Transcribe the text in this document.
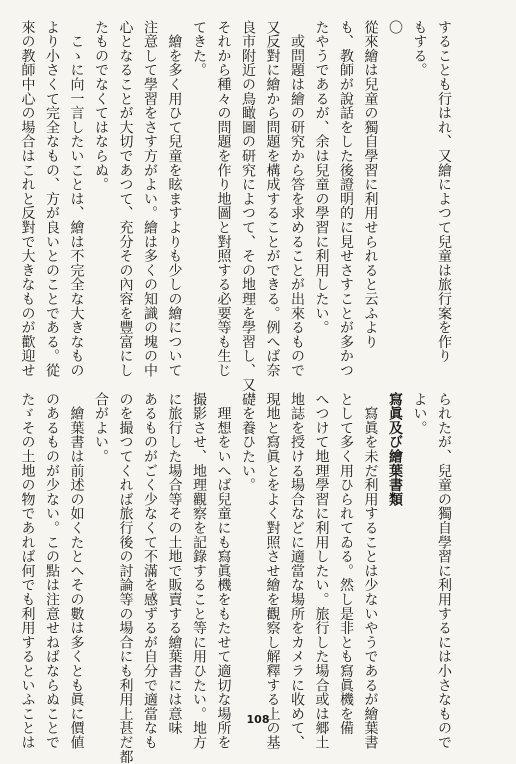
することも行はれ、又繪によつて兒童は旅行案を作り

もする。

〇

從來繪は兒童の獨自學習に利用せられると云ふより

も、教師が說話をした後證明的に見せさすことが多かつ

たやうであるが、余は兒童の學習に利用したい。

　或問題は繪の研究から答を求めることが出來るもので

又反對に繪から問題を構成することができる。例へば奈

良市附近の鳥瞰圖の研究によつて、その地理を學習し、又

それから種々の問題を作り地圖と對照する必要等も生じ

てきた。

　繪を多く用ひて兒童を眩ますよりも少しの繪について

注意して學習をさす方がよい。繪は多くの知識の塊の中

心となることが大切であつて、充分その內容を豐富にし

たものでなくてはならぬ。

　こゝに向一言したいことは、繪は不完全な大きなもの

より小さくて完全なもの、方が良いとのことである。從

來の教師中心の場合はこれと反對で大きなものが歡迎せ

られたが、兒童の獨自學習に利用するには小さなもので

よい。

寫眞及び繪葉書類

　寫眞を未だ利用することは少ないやうであるが繪葉書

として多く用ひられてゐる。然し是非とも寫眞機を備

へつけて地理學習に利用したい。旅行した場合或は郷土

地誌を授ける場合などに適當な場所をカメラに收めて、

現地と寫眞とをよく對照させ繪を觀察し解釋する上の基

礎を養ひたい。

　理想をいへば兒童にも寫眞機をもたせて適切な場所を

撮影させ、地理觀察を記錄すること等に用ひたい。地方

に旅行した場合等その土地で販賣する繪葉書には意味

あるものがごく少なくて不滿を感ずるが自分で適當なも

のを撮つてくれば旅行後の討論等の場合にも利用上甚だ都

合がよい。

　繪葉書は前述の如くたとへその數は多くとも眞に價値

のあるものが少ない。この點は注意せねばならぬことで

たゞその土地の物であれば何でも利用するといふことは	108
